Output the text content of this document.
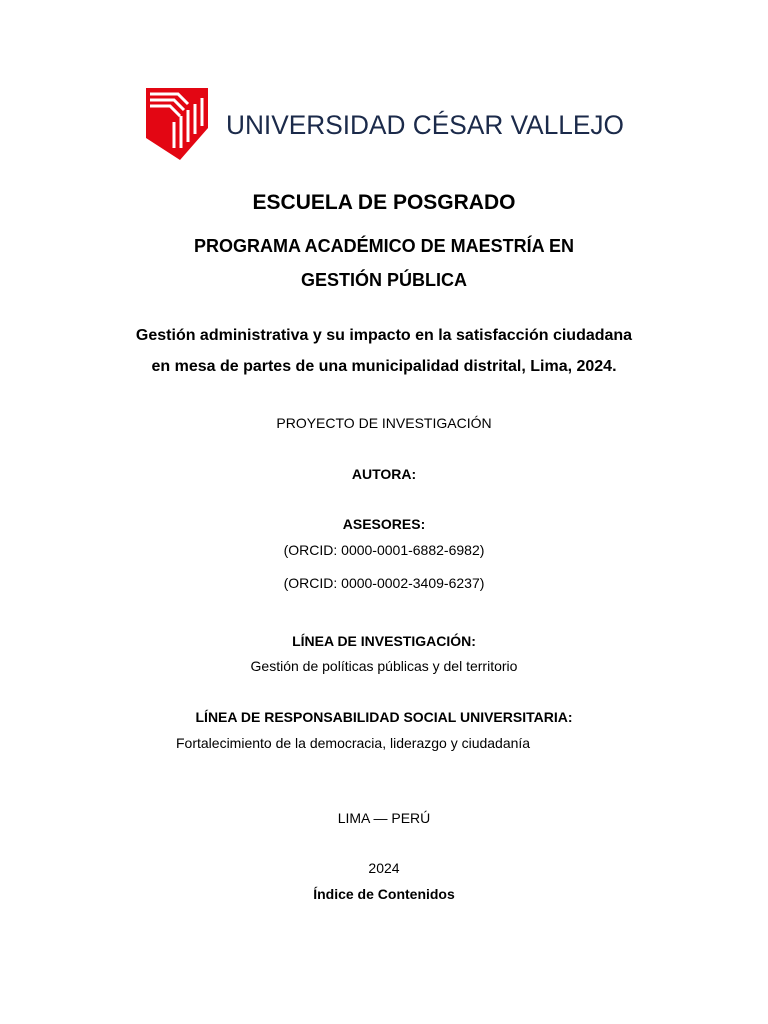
UNIVERSIDAD CÉSAR VALLEJO
ESCUELA DE POSGRADO
PROGRAMA ACADÉMICO DE MAESTRÍA EN
GESTIÓN PÚBLICA
Gestión administrativa y su impacto en la satisfacción ciudadana
en mesa de partes de una municipalidad distrital, Lima, 2024.
PROYECTO DE INVESTIGACIÓN
AUTORA:
ASESORES:
(ORCID: 0000-0001-6882-6982)
(ORCID: 0000-0002-3409-6237)
LÍNEA DE INVESTIGACIÓN:
Gestión de políticas públicas y del territorio
LÍNEA DE RESPONSABILIDAD SOCIAL UNIVERSITARIA:
Fortalecimiento de la democracia, liderazgo y ciudadanía
LIMA — PERÚ
2024
Índice de Contenidos
